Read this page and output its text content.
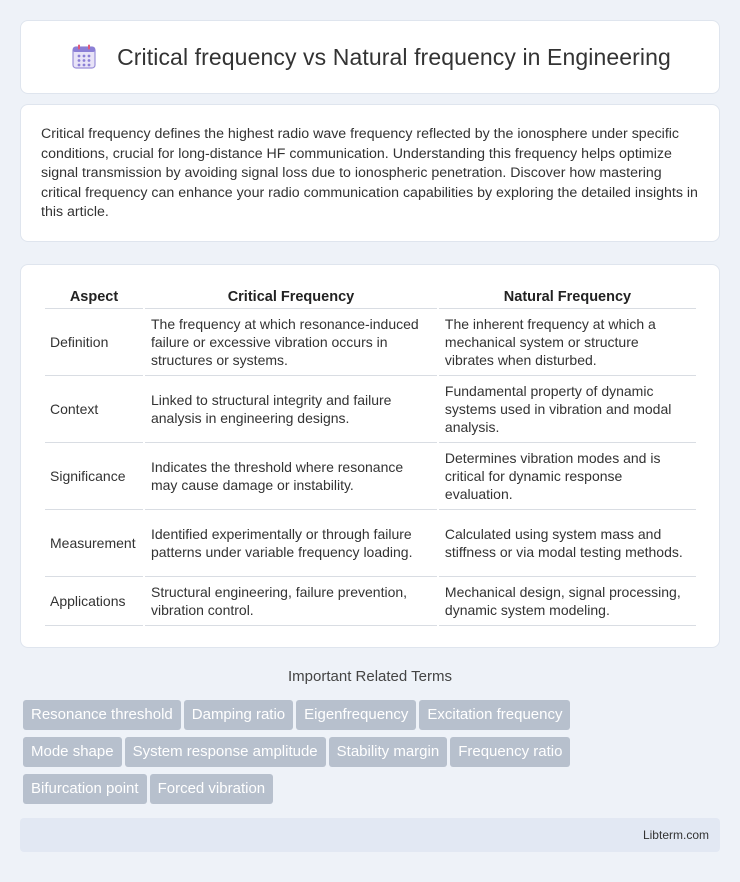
Critical frequency vs Natural frequency in Engineering

Critical frequency defines the highest radio wave frequency reflected by the ionosphere under specific conditions, crucial for long-distance HF communication. Understanding this frequency helps optimize signal transmission by avoiding signal loss due to ionospheric penetration. Discover how mastering critical frequency can enhance your radio communication capabilities by exploring the detailed insights in this article.

Aspect	Critical Frequency	Natural Frequency
Definition	The frequency at which resonance-induced failure or excessive vibration occurs in structures or systems.	The inherent frequency at which a mechanical system or structure vibrates when disturbed.
Context	Linked to structural integrity and failure analysis in engineering designs.	Fundamental property of dynamic systems used in vibration and modal analysis.
Significance	Indicates the threshold where resonance may cause damage or instability.	Determines vibration modes and is critical for dynamic response evaluation.
Measurement	Identified experimentally or through failure patterns under variable frequency loading.	Calculated using system mass and stiffness or via modal testing methods.
Applications	Structural engineering, failure prevention, vibration control.	Mechanical design, signal processing, dynamic system modeling.
Important Related Terms
Resonance threshold Damping ratio Eigenfrequency Excitation frequency
Mode shape System response amplitude Stability margin Frequency ratio
Bifurcation point Forced vibration
Libterm.com
